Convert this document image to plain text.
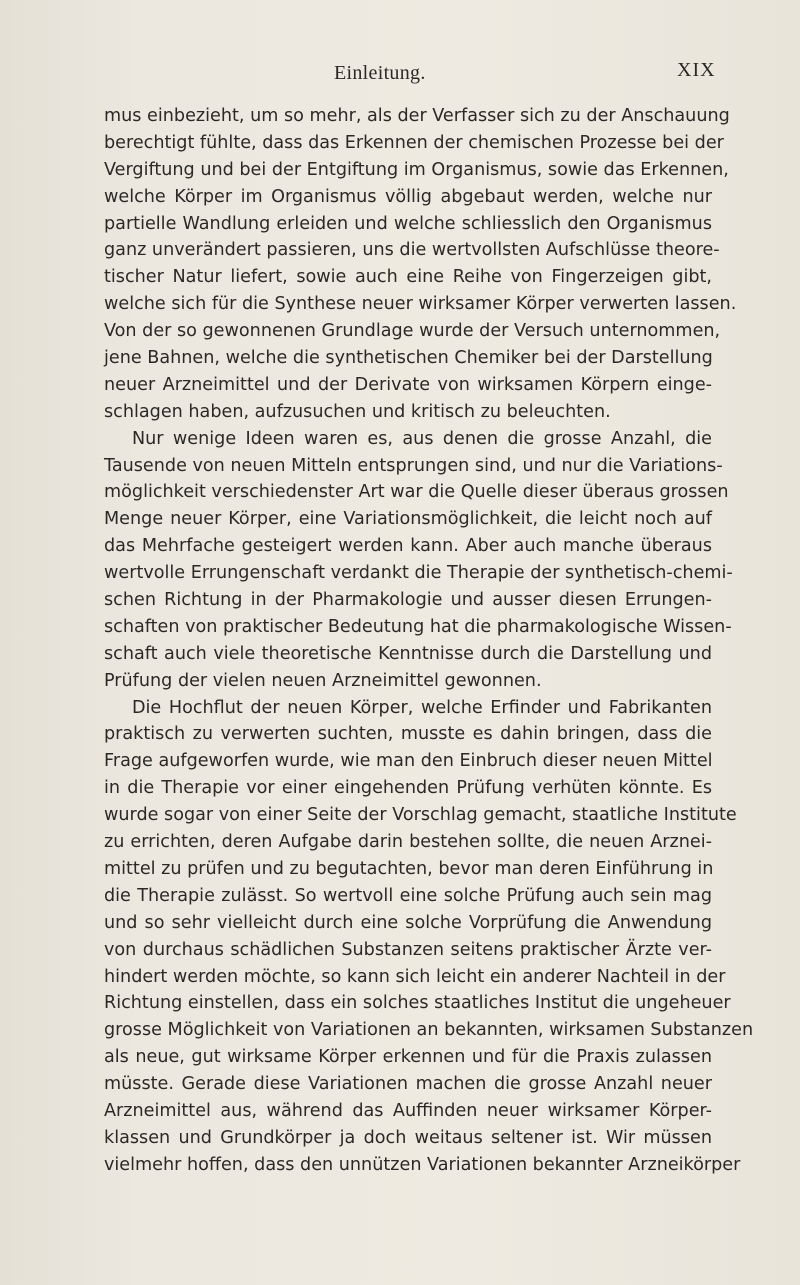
Einleitung.	XIX
mus einbezieht, um so mehr, als der Verfasser sich zu der Anschauung
berechtigt fühlte, dass das Erkennen der chemischen Prozesse bei der
Vergiftung und bei der Entgiftung im Organismus, sowie das Erkennen,
welche Körper im Organismus völlig abgebaut werden, welche nur
partielle Wandlung erleiden und welche schliesslich den Organismus
ganz unverändert passieren, uns die wertvollsten Aufschlüsse theore-
tischer Natur liefert, sowie auch eine Reihe von Fingerzeigen gibt,
welche sich für die Synthese neuer wirksamer Körper verwerten lassen.
Von der so gewonnenen Grundlage wurde der Versuch unternommen,
jene Bahnen, welche die synthetischen Chemiker bei der Darstellung
neuer Arzneimittel und der Derivate von wirksamen Körpern einge-
schlagen haben, aufzusuchen und kritisch zu beleuchten.
Nur wenige Ideen waren es, aus denen die grosse Anzahl, die
Tausende von neuen Mitteln entsprungen sind, und nur die Variations-
möglichkeit verschiedenster Art war die Quelle dieser überaus grossen
Menge neuer Körper, eine Variationsmöglichkeit, die leicht noch auf
das Mehrfache gesteigert werden kann. Aber auch manche überaus
wertvolle Errungenschaft verdankt die Therapie der synthetisch-chemi-
schen Richtung in der Pharmakologie und ausser diesen Errungen-
schaften von praktischer Bedeutung hat die pharmakologische Wissen-
schaft auch viele theoretische Kenntnisse durch die Darstellung und
Prüfung der vielen neuen Arzneimittel gewonnen.
Die Hochflut der neuen Körper, welche Erfinder und Fabrikanten
praktisch zu verwerten suchten, musste es dahin bringen, dass die
Frage aufgeworfen wurde, wie man den Einbruch dieser neuen Mittel
in die Therapie vor einer eingehenden Prüfung verhüten könnte. Es
wurde sogar von einer Seite der Vorschlag gemacht, staatliche Institute
zu errichten, deren Aufgabe darin bestehen sollte, die neuen Arznei-
mittel zu prüfen und zu begutachten, bevor man deren Einführung in
die Therapie zulässt. So wertvoll eine solche Prüfung auch sein mag
und so sehr vielleicht durch eine solche Vorprüfung die Anwendung
von durchaus schädlichen Substanzen seitens praktischer Ärzte ver-
hindert werden möchte, so kann sich leicht ein anderer Nachteil in der
Richtung einstellen, dass ein solches staatliches Institut die ungeheuer
grosse Möglichkeit von Variationen an bekannten, wirksamen Substanzen
als neue, gut wirksame Körper erkennen und für die Praxis zulassen
müsste. Gerade diese Variationen machen die grosse Anzahl neuer
Arzneimittel aus, während das Auffinden neuer wirksamer Körper-
klassen und Grundkörper ja doch weitaus seltener ist. Wir müssen
vielmehr hoffen, dass den unnützen Variationen bekannter Arzneikörper
